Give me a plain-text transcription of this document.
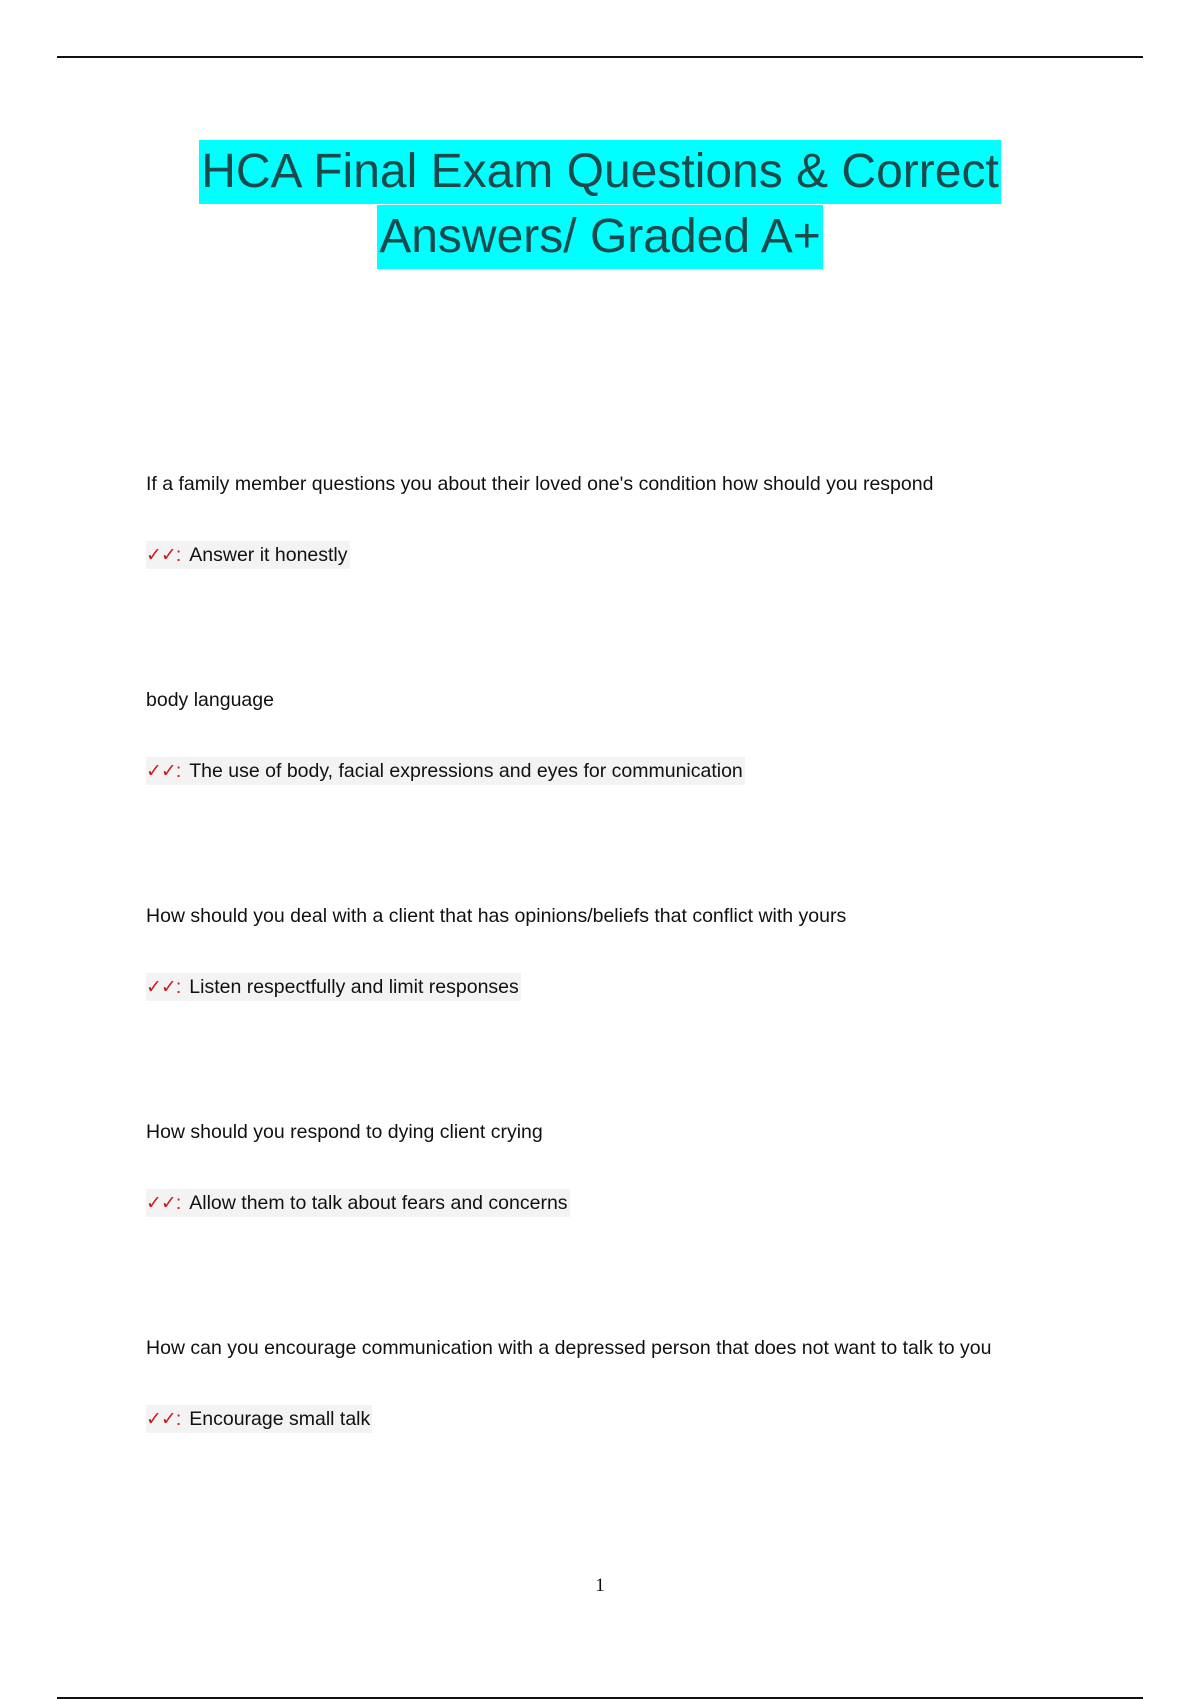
HCA Final Exam Questions & Correct
Answers/ Graded A+
If a family member questions you about their loved one's condition how should you respond
✓✓: Answer it honestly
body language
✓✓: The use of body, facial expressions and eyes for communication
How should you deal with a client that has opinions/beliefs that conflict with yours
✓✓: Listen respectfully and limit responses
How should you respond to dying client crying
✓✓: Allow them to talk about fears and concerns
How can you encourage communication with a depressed person that does not want to talk to you
✓✓: Encourage small talk
1
